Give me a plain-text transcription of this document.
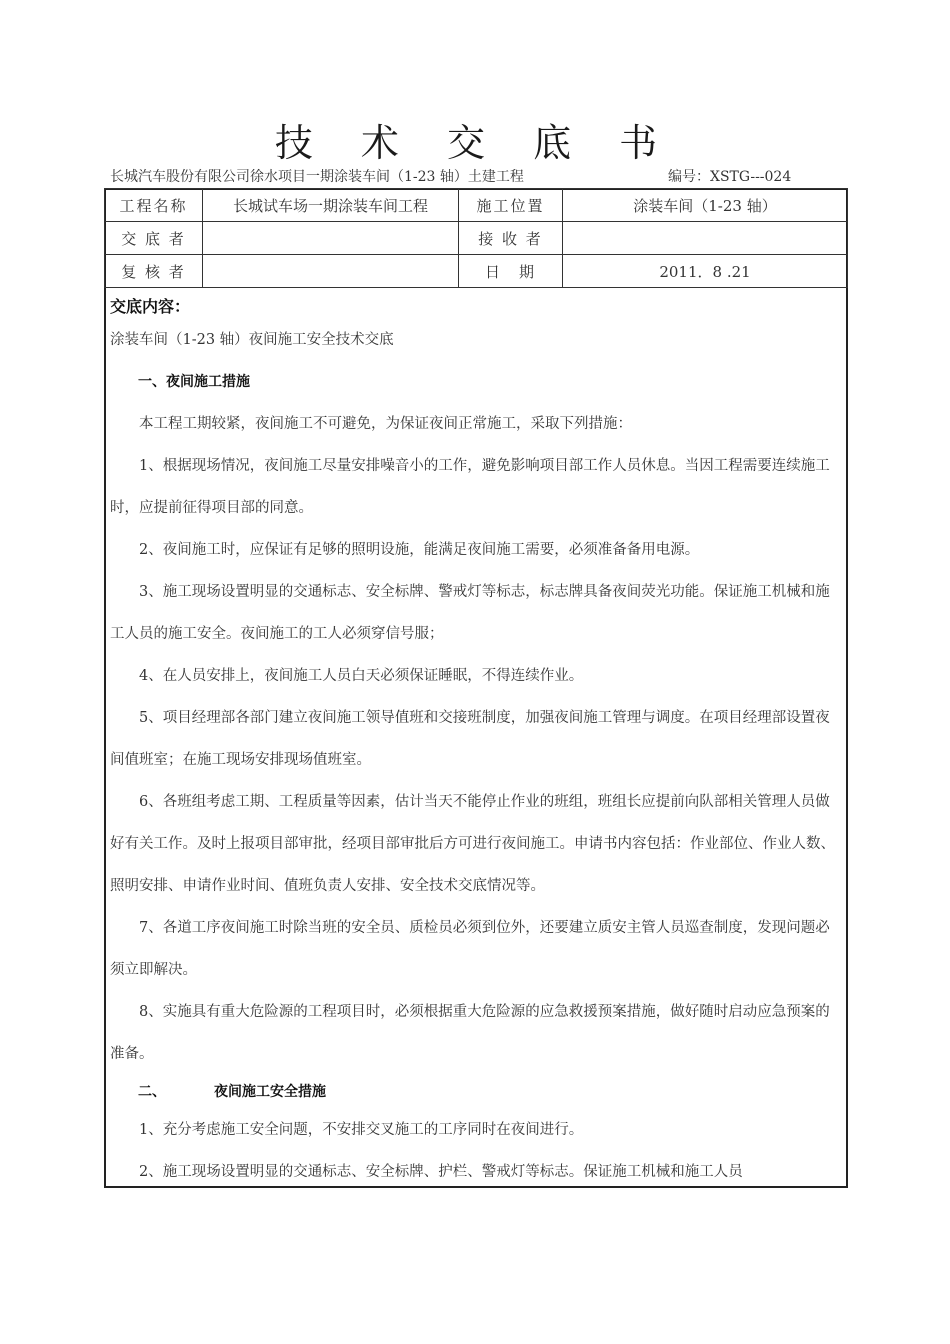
技 术 交 底 书
长城汽车股份有限公司徐水项目一期涂装车间（1-23 轴）土建工程	编号：XSTG---024
工程名称	长城试车场一期涂装车间工程	施工位置	涂装车间（1-23 轴）
交 底 者		接 收 者	
复 核 者		日　期	2011．8 .21
交底内容：

涂装车间（1-23 轴）夜间施工安全技术交底

一、夜间施工措施

本工程工期较紧，夜间施工不可避免，为保证夜间正常施工，采取下列措施：

1、根据现场情况，夜间施工尽量安排噪音小的工作，避免影响项目部工作人员休息。当因工程需要连续施工时，应提前征得项目部的同意。

2、夜间施工时，应保证有足够的照明设施，能满足夜间施工需要，必须准备备用电源。

3、施工现场设置明显的交通标志、安全标牌、警戒灯等标志，标志牌具备夜间荧光功能。保证施工机械和施工人员的施工安全。夜间施工的工人必须穿信号服；

4、在人员安排上，夜间施工人员白天必须保证睡眠，不得连续作业。

5、项目经理部各部门建立夜间施工领导值班和交接班制度，加强夜间施工管理与调度。在项目经理部设置夜间值班室；在施工现场安排现场值班室。

6、各班组考虑工期、工程质量等因素，估计当天不能停止作业的班组，班组长应提前向队部相关管理人员做好有关工作。及时上报项目部审批，经项目部审批后方可进行夜间施工。申请书内容包括：作业部位、作业人数、照明安排、申请作业时间、值班负责人安排、安全技术交底情况等。

7、各道工序夜间施工时除当班的安全员、质检员必须到位外，还要建立质安主管人员巡查制度，发现问题必须立即解决。

8、实施具有重大危险源的工程项目时，必须根据重大危险源的应急救援预案措施，做好随时启动应急预案的准备。

二、	夜间施工安全措施

1、充分考虑施工安全问题，不安排交叉施工的工序同时在夜间进行。

2、施工现场设置明显的交通标志、安全标牌、护栏、警戒灯等标志。保证施工机械和施工人员
